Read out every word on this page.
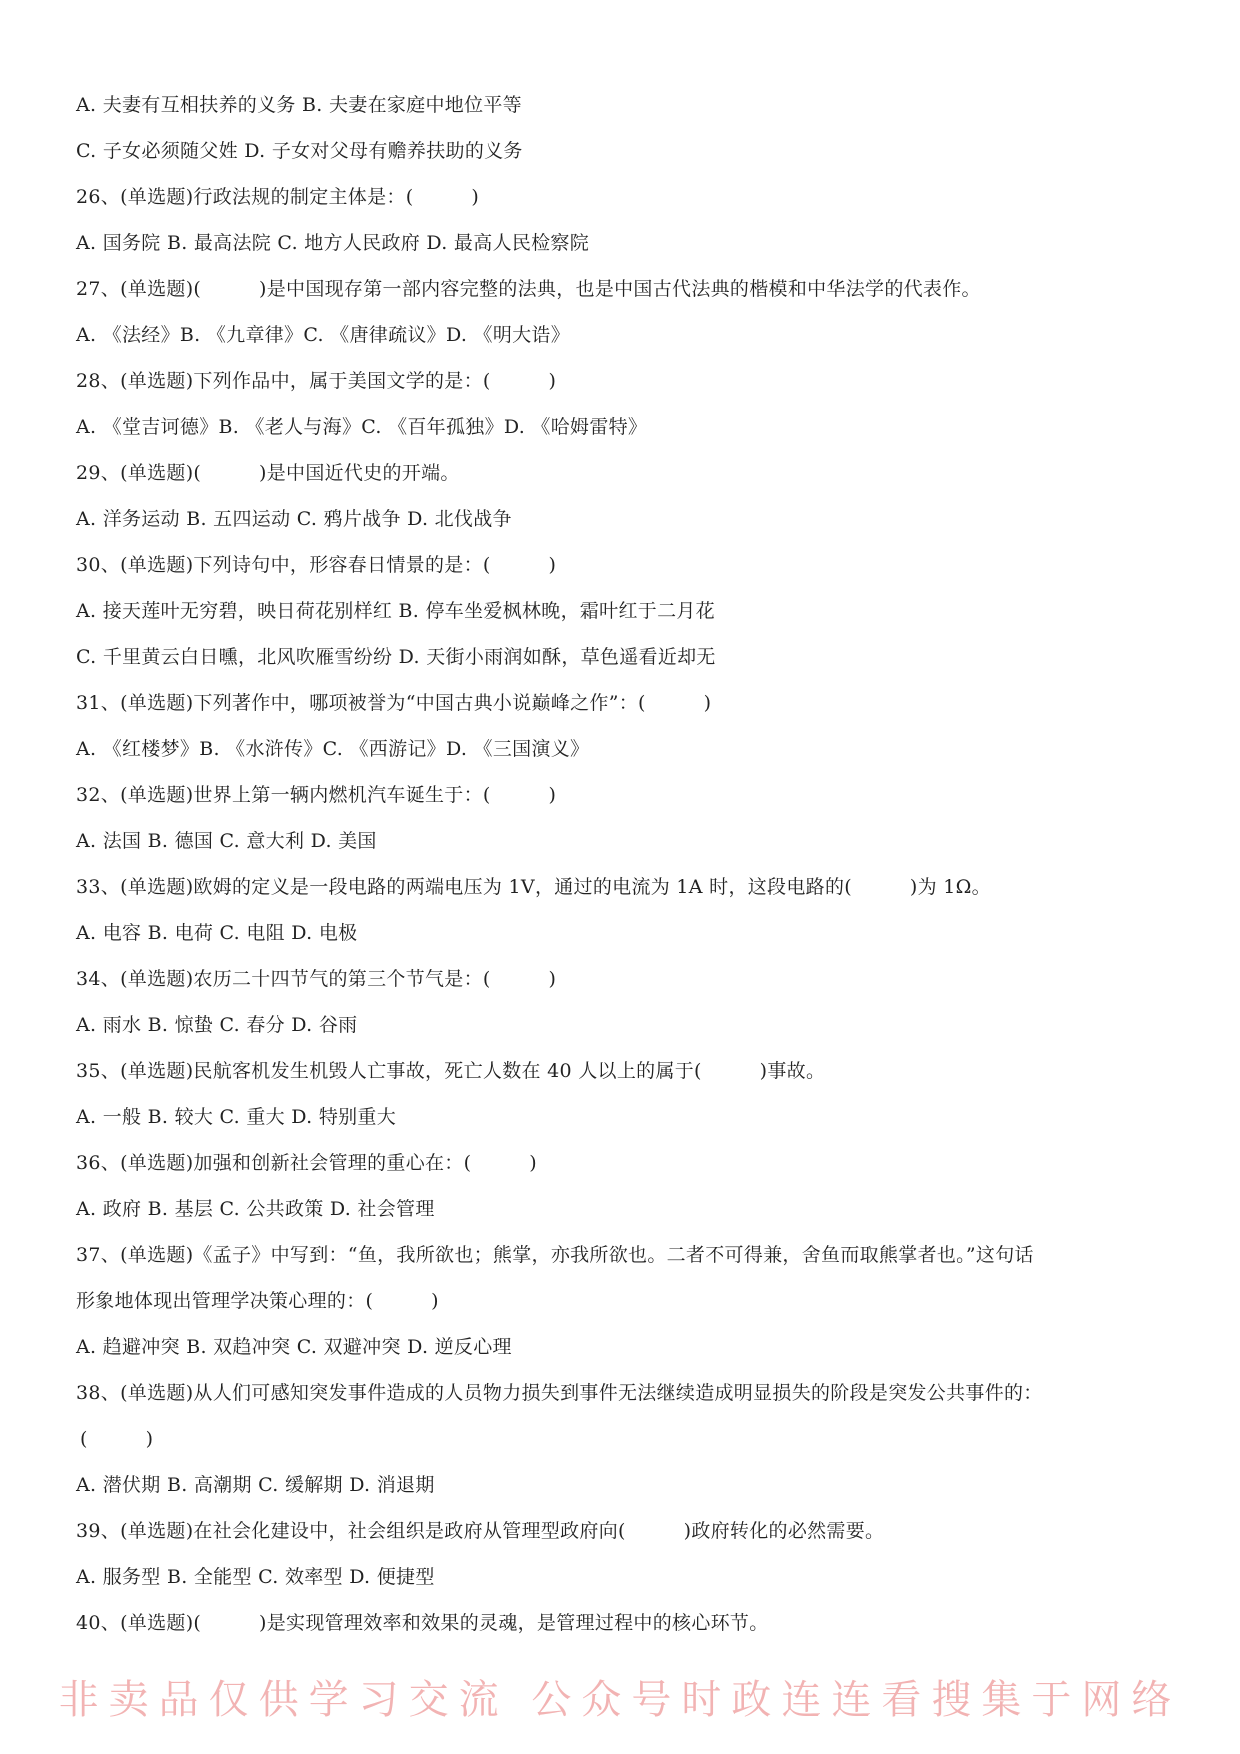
A. 夫妻有互相扶养的义务 B. 夫妻在家庭中地位平等
C. 子女必须随父姓 D. 子女对父母有赡养扶助的义务
26、(单选题)行政法规的制定主体是：(　　　)
A. 国务院 B. 最高法院 C. 地方人民政府 D. 最高人民检察院
27、(单选题)(　　　)是中国现存第一部内容完整的法典，也是中国古代法典的楷模和中华法学的代表作。
A. 《法经》B. 《九章律》C. 《唐律疏议》D. 《明大诰》
28、(单选题)下列作品中，属于美国文学的是：(　　　)
A. 《堂吉诃德》B. 《老人与海》C. 《百年孤独》D. 《哈姆雷特》
29、(单选题)(　　　)是中国近代史的开端。
A. 洋务运动 B. 五四运动 C. 鸦片战争 D. 北伐战争
30、(单选题)下列诗句中，形容春日情景的是：(　　　)
A. 接天莲叶无穷碧，映日荷花别样红 B. 停车坐爱枫林晚，霜叶红于二月花
C. 千里黄云白日曛，北风吹雁雪纷纷 D. 天街小雨润如酥，草色遥看近却无
31、(单选题)下列著作中，哪项被誉为“中国古典小说巅峰之作”：(　　　)
A. 《红楼梦》B. 《水浒传》C. 《西游记》D. 《三国演义》
32、(单选题)世界上第一辆内燃机汽车诞生于：(　　　)
A. 法国 B. 德国 C. 意大利 D. 美国
33、(单选题)欧姆的定义是一段电路的两端电压为 1V，通过的电流为 1A 时，这段电路的(　　　)为 1Ω。
A. 电容 B. 电荷 C. 电阻 D. 电极
34、(单选题)农历二十四节气的第三个节气是：(　　　)
A. 雨水 B. 惊蛰 C. 春分 D. 谷雨
35、(单选题)民航客机发生机毁人亡事故，死亡人数在 40 人以上的属于(　　　)事故。
A. 一般 B. 较大 C. 重大 D. 特别重大
36、(单选题)加强和创新社会管理的重心在：(　　　)
A. 政府 B. 基层 C. 公共政策 D. 社会管理
37、(单选题)《孟子》中写到：“鱼，我所欲也；熊掌，亦我所欲也。二者不可得兼，舍鱼而取熊掌者也。”这句话
形象地体现出管理学决策心理的：(　　　)
A. 趋避冲突 B. 双趋冲突 C. 双避冲突 D. 逆反心理
38、(单选题)从人们可感知突发事件造成的人员物力损失到事件无法继续造成明显损失的阶段是突发公共事件的：
(　　　)
A. 潜伏期 B. 高潮期 C. 缓解期 D. 消退期
39、(单选题)在社会化建设中，社会组织是政府从管理型政府向(　　　)政府转化的必然需要。
A. 服务型 B. 全能型 C. 效率型 D. 便捷型
40、(单选题)(　　　)是实现管理效率和效果的灵魂，是管理过程中的核心环节。
非卖品仅供学习交流 公众号时政连连看搜集于网络
